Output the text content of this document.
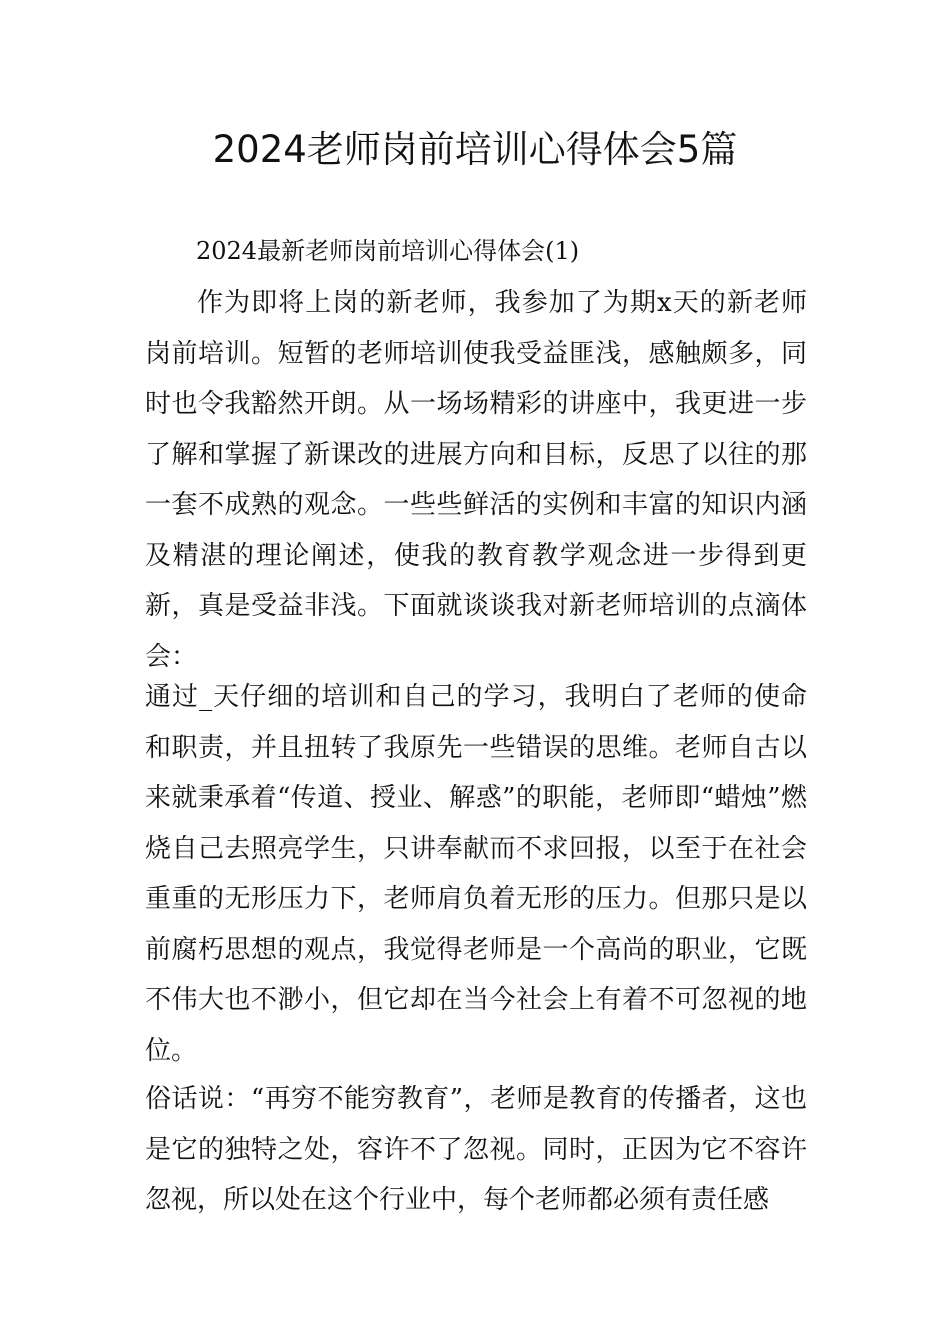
2024老师岗前培训心得体会5篇
2024最新老师岗前培训心得体会(1)

作为即将上岗的新老师，我参加了为期x天的新老师岗前培训。短暂的老师培训使我受益匪浅，感触颇多，同时也令我豁然开朗。从一场场精彩的讲座中，我更进一步了解和掌握了新课改的进展方向和目标，反思了以往的那一套不成熟的观念。一些些鲜活的实例和丰富的知识内涵及精湛的理论阐述，使我的教育教学观念进一步得到更新，真是受益非浅。下面就谈谈我对新老师培训的点滴体会：

通过_天仔细的培训和自己的学习，我明白了老师的使命和职责，并且扭转了我原先一些错误的思维。老师自古以来就秉承着“传道、授业、解惑”的职能，老师即“蜡烛”燃烧自己去照亮学生，只讲奉献而不求回报，以至于在社会重重的无形压力下，老师肩负着无形的压力。但那只是以前腐朽思想的观点，我觉得老师是一个高尚的职业，它既不伟大也不渺小，但它却在当今社会上有着不可忽视的地位。

俗话说：“再穷不能穷教育”，老师是教育的传播者，这也是它的独特之处，容许不了忽视。同时，正因为它不容许忽视，所以处在这个行业中，每个老师都必须有责任感
